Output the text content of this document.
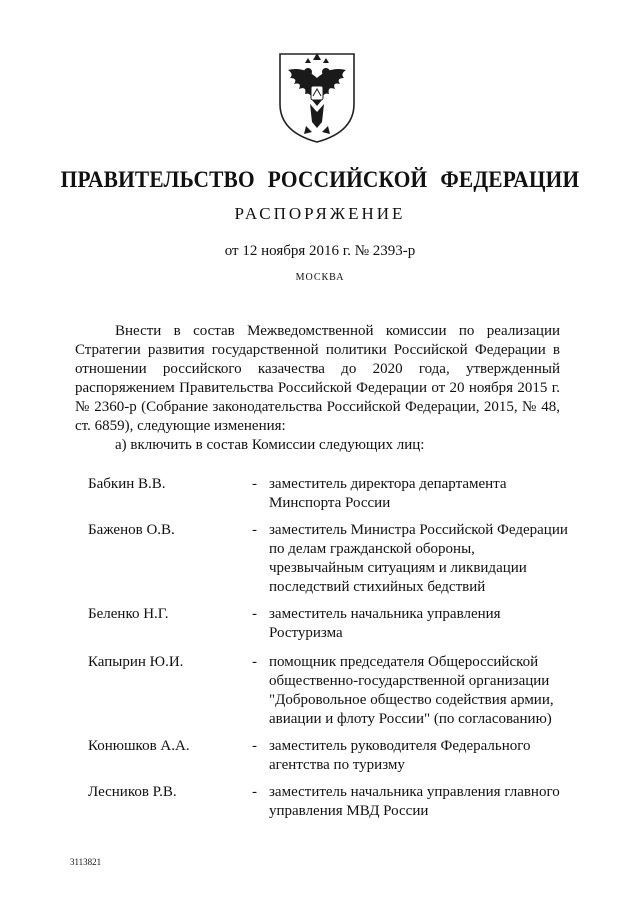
ПРАВИТЕЛЬСТВО РОССИЙСКОЙ ФЕДЕРАЦИИ
РАСПОРЯЖЕНИЕ
от 12 ноября 2016 г. № 2393-р
МОСКВА

Внести в состав Межведомственной комиссии по реализации Стратегии развития государственной политики Российской Федерации в отношении российского казачества до 2020 года, утвержденный распоряжением Правительства Российской Федерации от 20 ноября 2015 г. № 2360-р (Собрание законодательства Российской Федерации, 2015, № 48, ст. 6859), следующие изменения:

а) включить в состав Комиссии следующих лиц:

Бабкин В.В.	- заместитель директора департамента Минспорта России
Баженов О.В.	- заместитель Министра Российской Федерации по делам гражданской обороны, чрезвычайным ситуациям и ликвидации последствий стихийных бедствий
Беленко Н.Г.	- заместитель начальника управления Ростуризма
Капырин Ю.И.	- помощник председателя Общероссийской общественно-государственной организации "Добровольное общество содействия армии, авиации и флоту России" (по согласованию)
Конюшков А.А.	- заместитель руководителя Федерального агентства по туризму
Лесников Р.В.	- заместитель начальника управления главного управления МВД России
3113821
